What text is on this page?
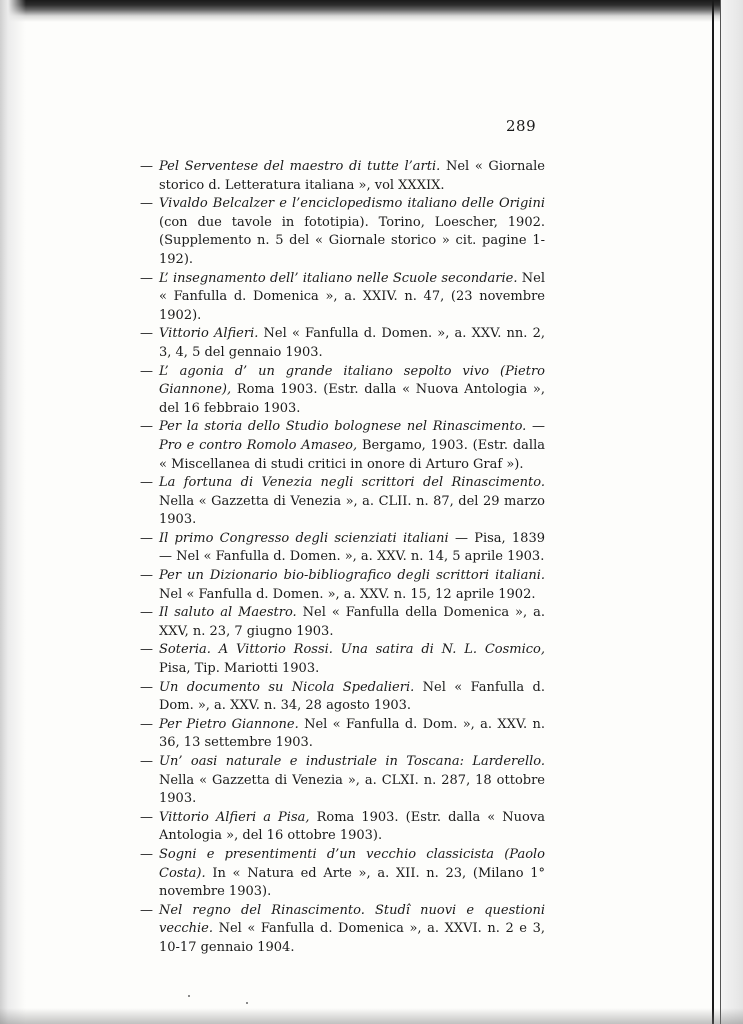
289
— Pel Serventese del maestro di tutte l’arti. Nel « Giornale storico d. Letteratura italiana », vol XXXIX.
— Vivaldo Belcalzer e l’enciclopedismo italiano delle Origini (con due tavole in fototipia). Torino, Loescher, 1902. (Supplemento n. 5 del « Giornale storico » cit. pagine 1-192).
— L’ insegnamento dell’ italiano nelle Scuole secondarie. Nel « Fanfulla d. Domenica », a. XXIV. n. 47, (23 novembre 1902).
— Vittorio Alfieri. Nel « Fanfulla d. Domen. », a. XXV. nn. 2, 3, 4, 5 del gennaio 1903.
— L’ agonia d’ un grande italiano sepolto vivo (Pietro Giannone), Roma 1903. (Estr. dalla « Nuova Antologia », del 16 febbraio 1903.
— Per la storia dello Studio bolognese nel Rinascimento. — Pro e contro Romolo Amaseo, Bergamo, 1903. (Estr. dalla « Miscellanea di studi critici in onore di Arturo Graf »).
— La fortuna di Venezia negli scrittori del Rinascimento. Nella « Gazzetta di Venezia », a. CLII. n. 87, del 29 marzo 1903.
— Il primo Congresso degli scienziati italiani — Pisa, 1839 — Nel « Fanfulla d. Domen. », a. XXV. n. 14, 5 aprile 1903.
— Per un Dizionario bio-bibliografico degli scrittori italiani. Nel « Fanfulla d. Domen. », a. XXV. n. 15, 12 aprile 1902.
— Il saluto al Maestro. Nel « Fanfulla della Domenica », a. XXV, n. 23, 7 giugno 1903.
— Soteria. A Vittorio Rossi. Una satira di N. L. Cosmico, Pisa, Tip. Mariotti 1903.
— Un documento su Nicola Spedalieri. Nel « Fanfulla d. Dom. », a. XXV. n. 34, 28 agosto 1903.
— Per Pietro Giannone. Nel « Fanfulla d. Dom. », a. XXV. n. 36, 13 settembre 1903.
— Un’ oasi naturale e industriale in Toscana: Larderello. Nella « Gazzetta di Venezia », a. CLXI. n. 287, 18 ottobre 1903.
— Vittorio Alfieri a Pisa, Roma 1903. (Estr. dalla « Nuova Antologia », del 16 ottobre 1903).
— Sogni e presentimenti d’un vecchio classicista (Paolo Costa). In « Natura ed Arte », a. XII. n. 23, (Milano 1° novembre 1903).
— Nel regno del Rinascimento. Studî nuovi e questioni vecchie. Nel « Fanfulla d. Domenica », a. XXVI. n. 2 e 3, 10-17 gennaio 1904.
